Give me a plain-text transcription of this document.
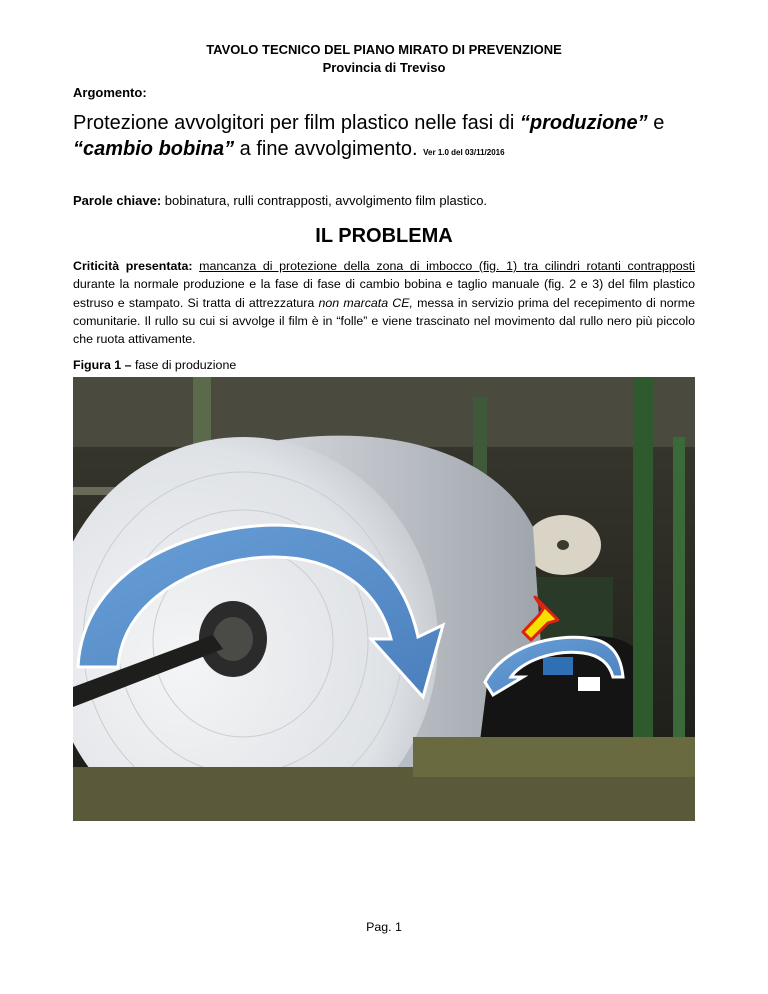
TAVOLO TECNICO DEL PIANO MIRATO DI PREVENZIONE
Provincia di Treviso
Argomento:
Protezione avvolgitori per film plastico nelle fasi di “produzione” e
“cambio bobina” a fine avvolgimento. Ver 1.0 del 03/11/2016
Parole chiave: bobinatura, rulli contrapposti, avvolgimento film plastico.
IL PROBLEMA
Criticità presentata: mancanza di protezione della zona di imbocco (fig. 1) tra cilindri rotanti contrapposti durante la normale produzione e la fase di fase di cambio bobina e taglio manuale (fig. 2 e 3) del film plastico estruso e stampato. Si tratta di attrezzatura non marcata CE, messa in servizio prima del recepimento di norme comunitarie. Il rullo su cui si avvolge il film è in “folle” e viene trascinato nel movimento dal rullo nero più piccolo che ruota attivamente.
Figura 1 – fase di produzione
Pag. 1
